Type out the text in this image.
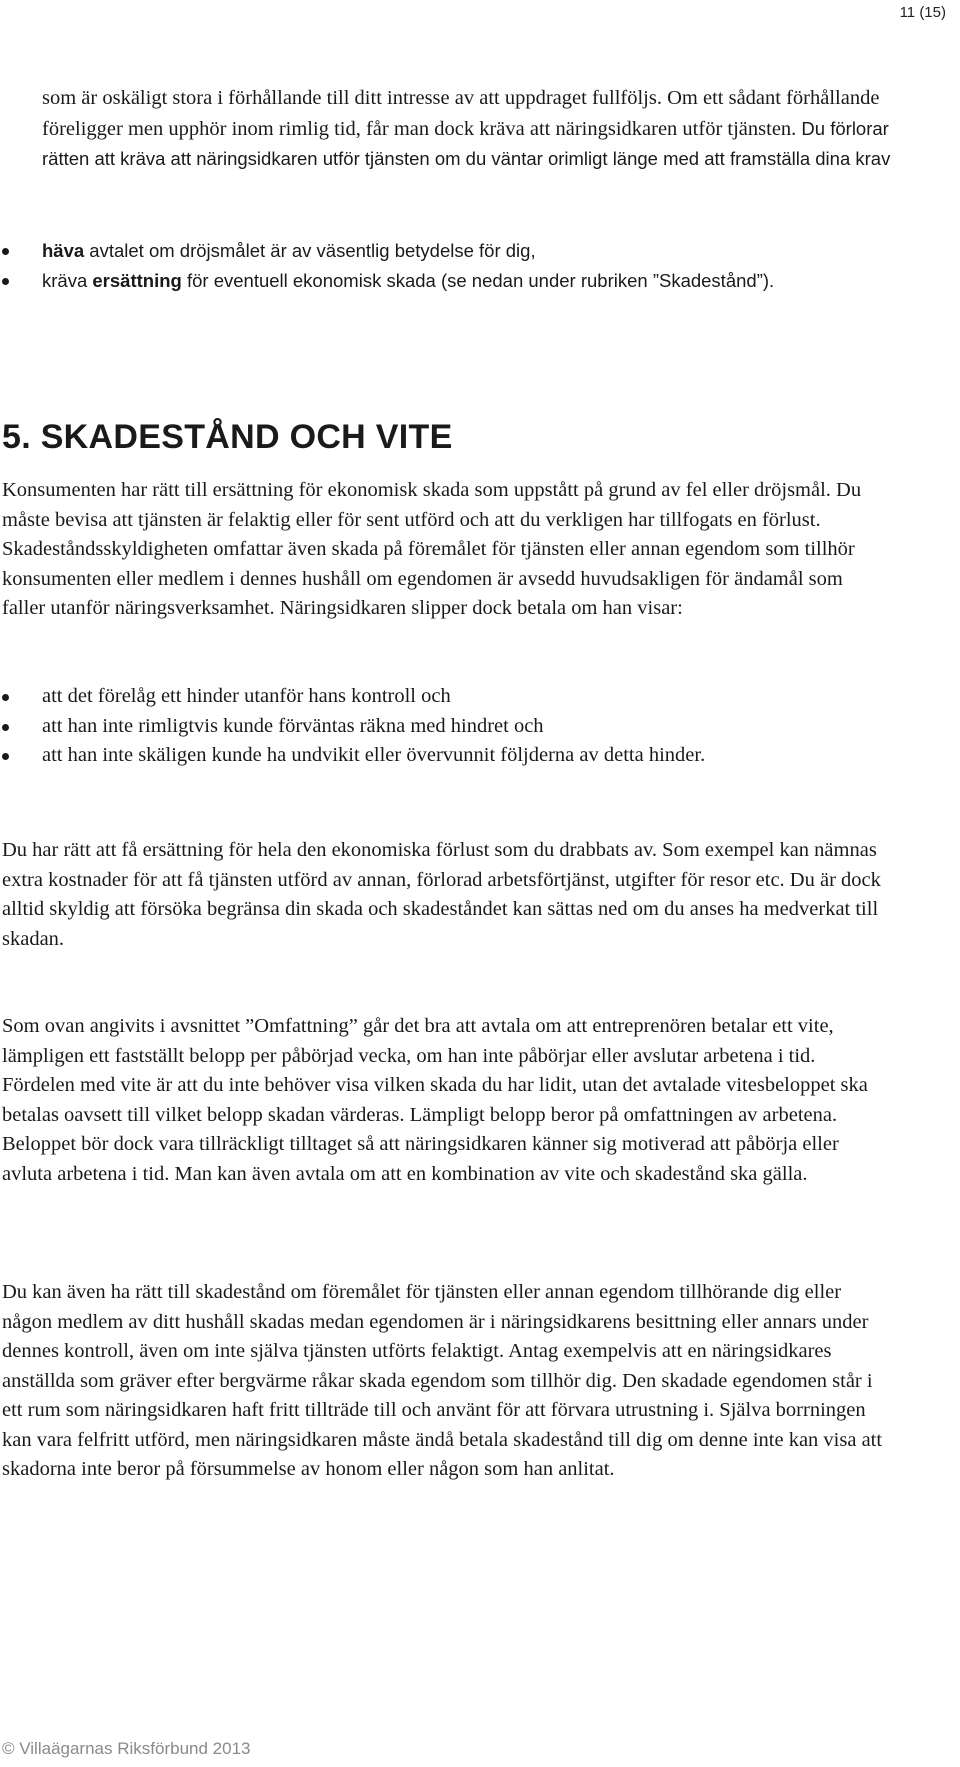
11 (15)

som är oskäligt stora i förhållande till ditt intresse av att uppdraget fullföljs. Om ett sådant förhållande föreligger men upphör inom rimlig tid, får man dock kräva att näringsidkaren utför tjänsten. Du förlorar rätten att kräva att näringsidkaren utför tjänsten om du väntar orimligt länge med att framställa dina krav

häva avtalet om dröjsmålet är av väsentlig betydelse för dig,
kräva ersättning för eventuell ekonomisk skada (se nedan under rubriken ”Skadestånd”).
5. SKADESTÅND OCH VITE

Konsumenten har rätt till ersättning för ekonomisk skada som uppstått på grund av fel eller dröjsmål. Du måste bevisa att tjänsten är felaktig eller för sent utförd och att du verkligen har tillfogats en förlust. Skadeståndsskyldigheten omfattar även skada på föremålet för tjänsten eller annan egendom som tillhör konsumenten eller medlem i dennes hushåll om egendomen är avsedd huvudsakligen för ändamål som faller utanför näringsverksamhet. Näringsidkaren slipper dock betala om han visar:

att det förelåg ett hinder utanför hans kontroll och
att han inte rimligtvis kunde förväntas räkna med hindret och
att han inte skäligen kunde ha undvikit eller övervunnit följderna av detta hinder.

Du har rätt att få ersättning för hela den ekonomiska förlust som du drabbats av. Som exempel kan nämnas extra kostnader för att få tjänsten utförd av annan, förlorad arbetsförtjänst, utgifter för resor etc. Du är dock alltid skyldig att försöka begränsa din skada och skadeståndet kan sättas ned om du anses ha medverkat till skadan.

Som ovan angivits i avsnittet ”Omfattning” går det bra att avtala om att entreprenören betalar ett vite, lämpligen ett fastställt belopp per påbörjad vecka, om han inte påbörjar eller avslutar arbetena i tid. Fördelen med vite är att du inte behöver visa vilken skada du har lidit, utan det avtalade vitesbeloppet ska betalas oavsett till vilket belopp skadan värderas. Lämpligt belopp beror på omfattningen av arbetena. Beloppet bör dock vara tillräckligt tilltaget så att näringsidkaren känner sig motiverad att påbörja eller avluta arbetena i tid. Man kan även avtala om att en kombination av vite och skadestånd ska gälla.

Du kan även ha rätt till skadestånd om föremålet för tjänsten eller annan egendom tillhörande dig eller någon medlem av ditt hushåll skadas medan egendomen är i näringsidkarens besittning eller annars under dennes kontroll, även om inte själva tjänsten utförts felaktigt. Antag exempelvis att en näringsidkares anställda som gräver efter bergvärme råkar skada egendom som tillhör dig. Den skadade egendomen står i ett rum som näringsidkaren haft fritt tillträde till och använt för att förvara utrustning i. Själva borrningen kan vara felfritt utförd, men näringsidkaren måste ändå betala skadestånd till dig om denne inte kan visa att skadorna inte beror på försummelse av honom eller någon som han anlitat.

© Villaägarnas Riksförbund 2013
